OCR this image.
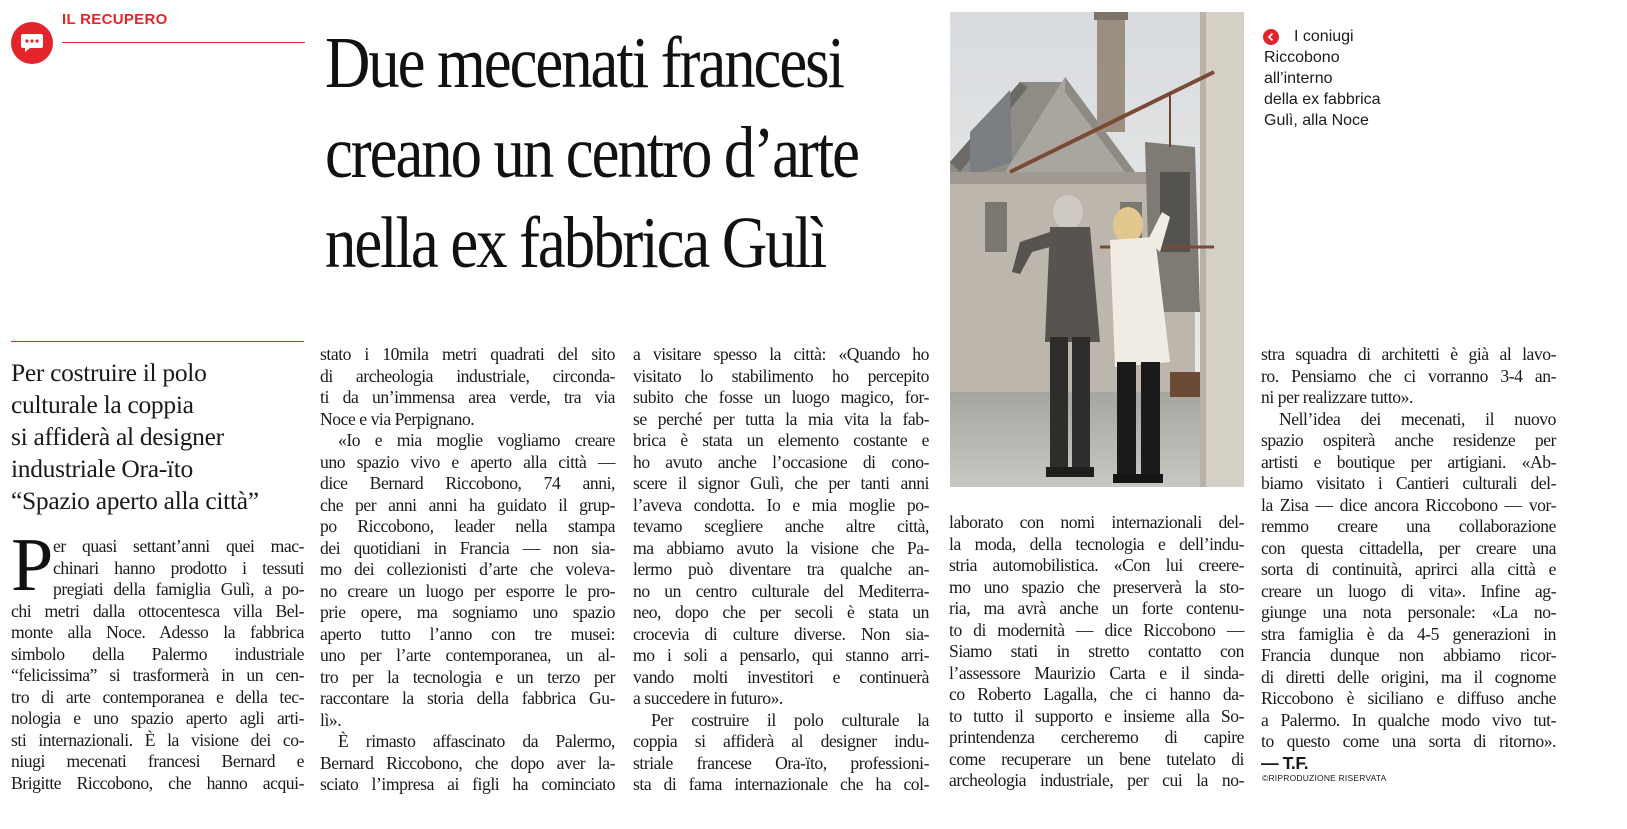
IL RECUPERO
Due mecenati francesi
creano un centro d’arte
nella ex fabbrica Gulì
Per costruire il polo
culturale la coppia
si affiderà al designer
industriale Ora-ïto
“Spazio aperto alla città”
P er quasi settant’anni quei mac-
chinari hanno prodotto i tessuti
pregiati della famiglia Gulì, a po-
chi metri dalla ottocentesca villa Bel-
monte alla Noce. Adesso la fabbrica
simbolo della Palermo industriale
“felicissima” si trasformerà in un cen-
tro di arte contemporanea e della tec-
nologia e uno spazio aperto agli arti-
sti internazionali. È la visione dei co-
niugi mecenati francesi Bernard e
Brigitte Riccobono, che hanno acqui-
stato i 10mila metri quadrati del sito
di archeologia industriale, circonda-
ti da un’immensa area verde, tra via
Noce e via Perpignano.
«Io e mia moglie vogliamo creare
uno spazio vivo e aperto alla città —
dice Bernard Riccobono, 74 anni,
che per anni anni ha guidato il grup-
po Riccobono, leader nella stampa
dei quotidiani in Francia — non sia-
mo dei collezionisti d’arte che voleva-
no creare un luogo per esporre le pro-
prie opere, ma sogniamo uno spazio
aperto tutto l’anno con tre musei:
uno per l’arte contemporanea, un al-
tro per la tecnologia e un terzo per
raccontare la storia della fabbrica Gu-
lì».
È rimasto affascinato da Palermo,
Bernard Riccobono, che dopo aver la-
sciato l’impresa ai figli ha cominciato
a visitare spesso la città: «Quando ho
visitato lo stabilimento ho percepito
subito che fosse un luogo magico, for-
se perché per tutta la mia vita la fab-
brica è stata un elemento costante e
ho avuto anche l’occasione di cono-
scere il signor Gulì, che per tanti anni
l’aveva condotta. Io e mia moglie po-
tevamo scegliere anche altre città,
ma abbiamo avuto la visione che Pa-
lermo può diventare tra qualche an-
no un centro culturale del Mediterra-
neo, dopo che per secoli è stata un
crocevia di culture diverse. Non sia-
mo i soli a pensarlo, qui stanno arri-
vando molti investitori e continuerà
a succedere in futuro».
Per costruire il polo culturale la
coppia si affiderà al designer indu-
striale francese Ora-ïto, professioni-
sta di fama internazionale che ha col-
I coniugi
Riccobono
all’interno
della ex fabbrica
Gulì, alla Noce
laborato con nomi internazionali del-
la moda, della tecnologia e dell’indu-
stria automobilistica. «Con lui creere-
mo uno spazio che preserverà la sto-
ria, ma avrà anche un forte contenu-
to di modernità — dice Riccobono —
Siamo stati in stretto contatto con
l’assessore Maurizio Carta e il sinda-
co Roberto Lagalla, che ci hanno da-
to tutto il supporto e insieme alla So-
printendenza cercheremo di capire
come recuperare un bene tutelato di
archeologia industriale, per cui la no-
stra squadra di architetti è già al lavo-
ro. Pensiamo che ci vorranno 3-4 an-
ni per realizzare tutto».
Nell’idea dei mecenati, il nuovo
spazio ospiterà anche residenze per
artisti e boutique per artigiani. «Ab-
biamo visitato i Cantieri culturali del-
la Zisa — dice ancora Riccobono — vor-
remmo creare una collaborazione
con questa cittadella, per creare una
sorta di continuità, aprirci alla città e
creare un luogo di vita». Infine ag-
giunge una nota personale: «La no-
stra famiglia è da 4-5 generazioni in
Francia dunque non abbiamo ricor-
di diretti delle origini, ma il cognome
Riccobono è siciliano e diffuso anche
a Palermo. In qualche modo vivo tut-
to questo come una sorta di ritorno».
— T.F.
©RIPRODUZIONE RISERVATA
